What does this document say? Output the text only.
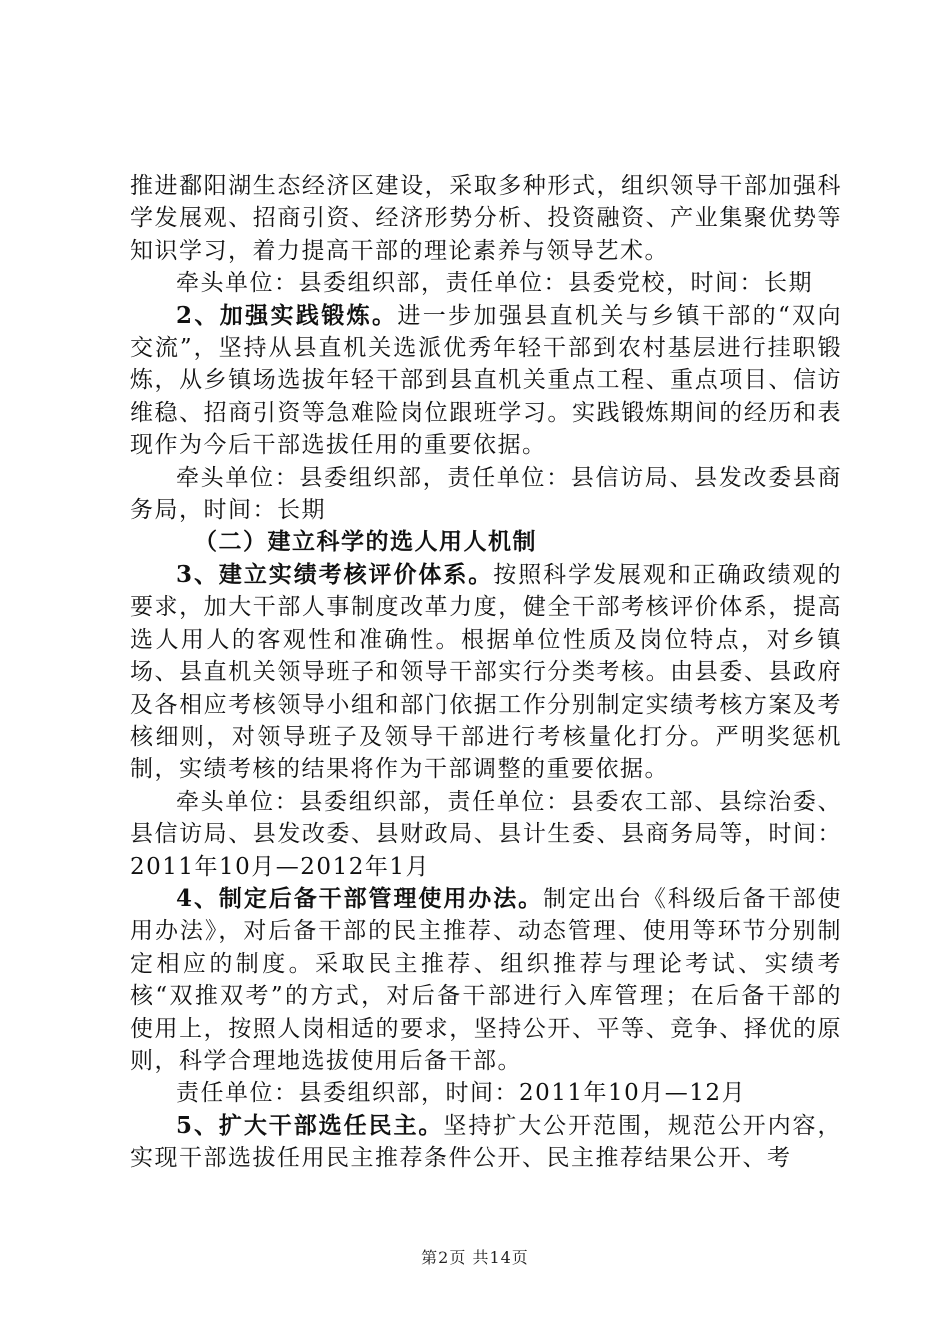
推进鄱阳湖生态经济区建设，采取多种形式，组织领导干部加强科学发展观、招商引资、经济形势分析、投资融资、产业集聚优势等知识学习，着力提高干部的理论素养与领导艺术。

牵头单位：县委组织部，责任单位：县委党校，时间：长期

2、加强实践锻炼。进一步加强县直机关与乡镇干部的“双向交流”，坚持从县直机关选派优秀年轻干部到农村基层进行挂职锻炼，从乡镇场选拔年轻干部到县直机关重点工程、重点项目、信访维稳、招商引资等急难险岗位跟班学习。实践锻炼期间的经历和表现作为今后干部选拔任用的重要依据。

牵头单位：县委组织部，责任单位：县信访局、县发改委县商务局，时间：长期

（二）建立科学的选人用人机制

3、建立实绩考核评价体系。按照科学发展观和正确政绩观的要求，加大干部人事制度改革力度，健全干部考核评价体系，提高选人用人的客观性和准确性。根据单位性质及岗位特点，对乡镇场、县直机关领导班子和领导干部实行分类考核。由县委、县政府及各相应考核领导小组和部门依据工作分别制定实绩考核方案及考核细则，对领导班子及领导干部进行考核量化打分。严明奖惩机制，实绩考核的结果将作为干部调整的重要依据。

牵头单位：县委组织部，责任单位：县委农工部、县综治委、县信访局、县发改委、县财政局、县计生委、县商务局等，时间：2011年10月—2012年1月

4、制定后备干部管理使用办法。制定出台《科级后备干部使用办法》，对后备干部的民主推荐、动态管理、使用等环节分别制定相应的制度。采取民主推荐、组织推荐与理论考试、实绩考核“双推双考”的方式，对后备干部进行入库管理；在后备干部的使用上，按照人岗相适的要求，坚持公开、平等、竞争、择优的原则，科学合理地选拔使用后备干部。

责任单位：县委组织部，时间：2011年10月—12月

5、扩大干部选任民主。坚持扩大公开范围，规范公开内容，实现干部选拔任用民主推荐条件公开、民主推荐结果公开、考

第2页 共14页
